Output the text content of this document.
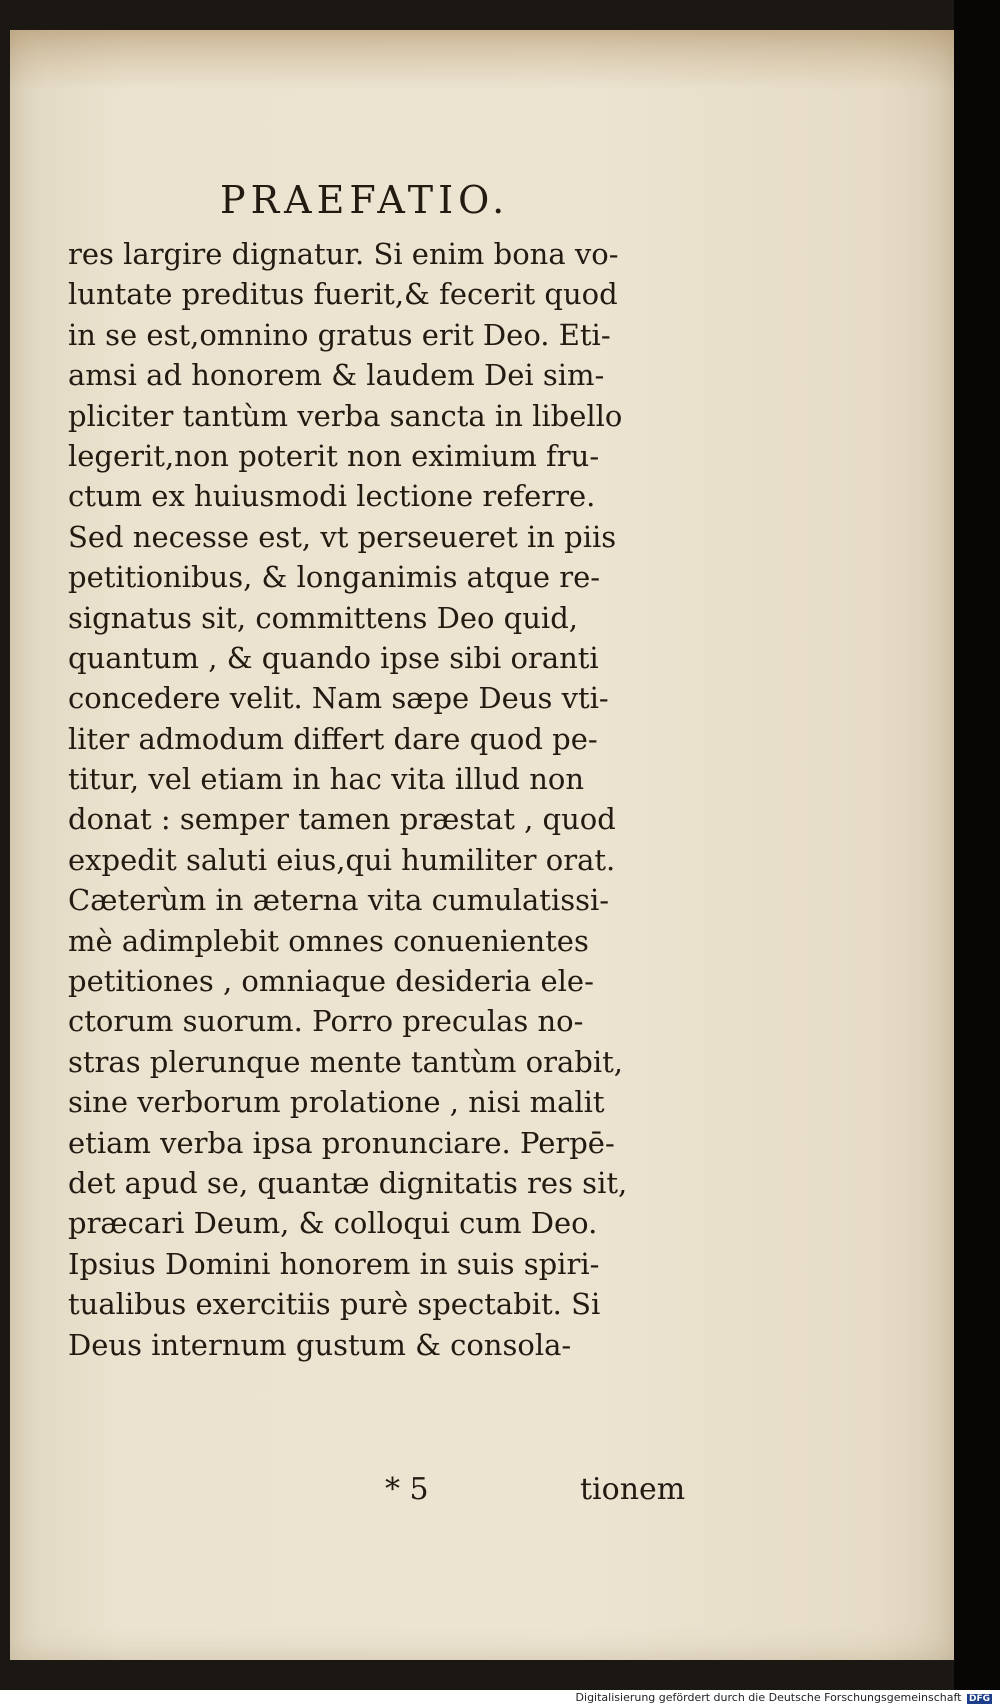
PRAEFATIO.
res largire dignatur. Si enim bona vo-
luntate preditus fuerit,& fecerit quod
in se est,omnino gratus erit Deo. Eti-
amsi ad honorem & laudem Dei sim-
pliciter tantùm verba sancta in libello
legerit,non poterit non eximium fru-
ctum ex huiusmodi lectione referre.
Sed necesse est, vt perseueret in piis
petitionibus, & longanimis atque re-
signatus sit, committens Deo quid,
quantum , & quando ipse sibi oranti
concedere velit. Nam sæpe Deus vti-
liter admodum differt dare quod pe-
titur, vel etiam in hac vita illud non
donat : semper tamen præstat , quod
expedit saluti eius,qui humiliter orat.
Cæterùm in æterna vita cumulatissi-
mè adimplebit omnes conuenientes
petitiones , omniaque desideria ele-
ctorum suorum. Porro preculas no-
stras plerunque mente tantùm orabit,
sine verborum prolatione , nisi malit
etiam verba ipsa pronunciare. Perpē-
det apud se, quantæ dignitatis res sit,
præcari Deum, & colloqui cum Deo.
Ipsius Domini honorem in suis spiri-
tualibus exercitiis purè spectabit. Si
Deus internum gustum & consola-
* 5	tionem
Digitalisierung gefördert durch die Deutsche Forschungsgemeinschaft DFG
